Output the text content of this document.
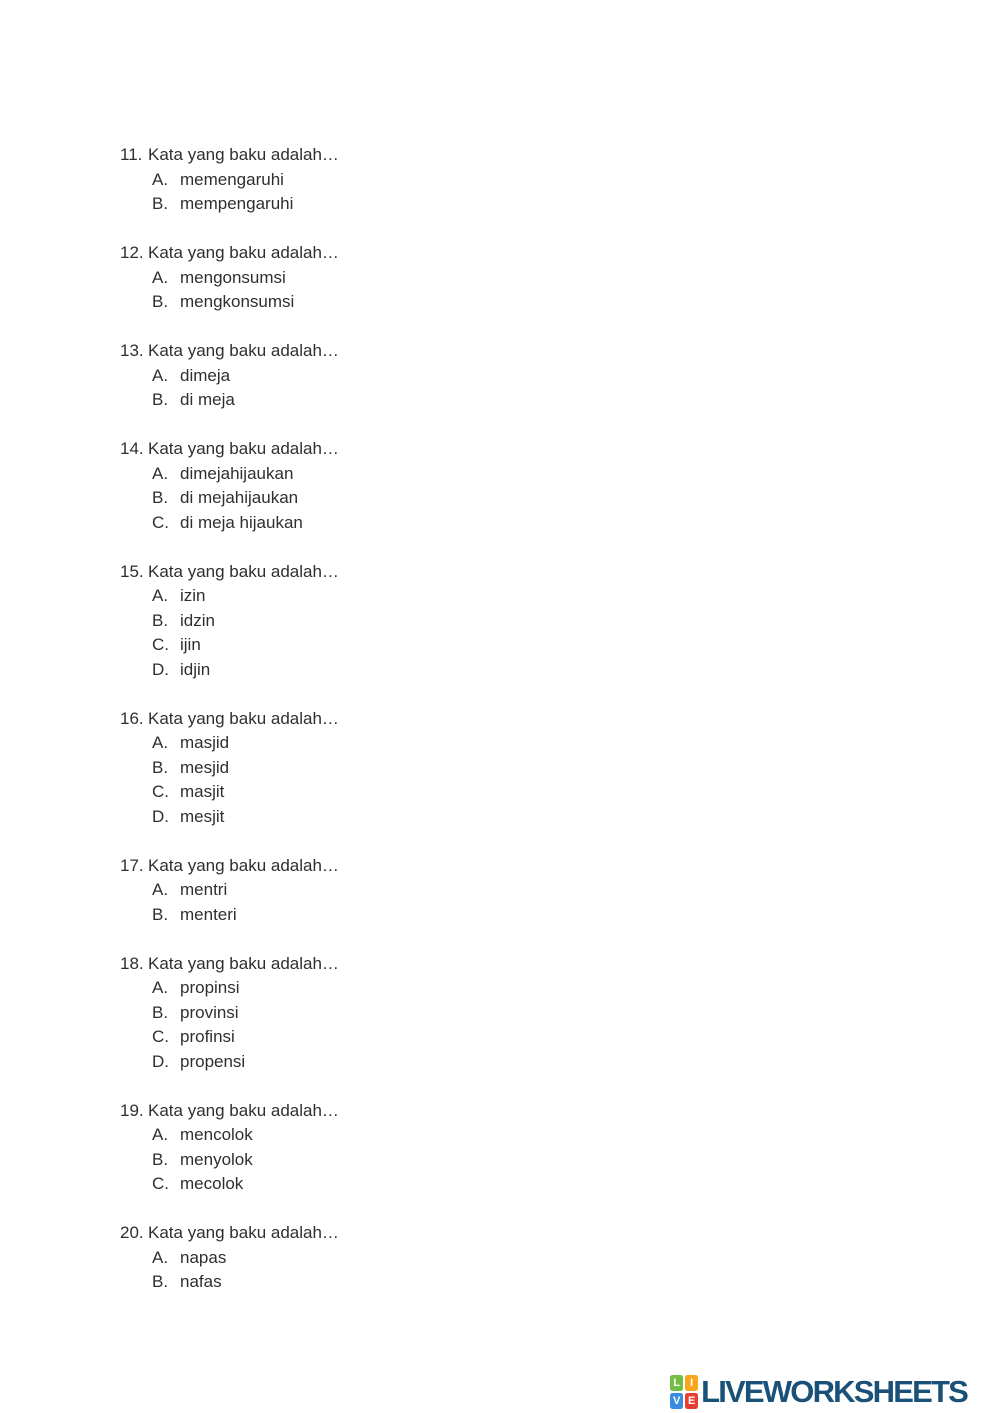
11. Kata yang baku adalah…
A. memengaruhi
B. mempengaruhi
12. Kata yang baku adalah…
A. mengonsumsi
B. mengkonsumsi
13. Kata yang baku adalah…
A. dimeja
B. di meja
14. Kata yang baku adalah…
A. dimejahijaukan
B. di mejahijaukan
C. di meja hijaukan
15. Kata yang baku adalah…
A. izin
B. idzin
C. ijin
D. idjin
16. Kata yang baku adalah…
A. masjid
B. mesjid
C. masjit
D. mesjit
17. Kata yang baku adalah…
A. mentri
B. menteri
18. Kata yang baku adalah…
A. propinsi
B. provinsi
C. profinsi
D. propensi
19. Kata yang baku adalah…
A. mencolok
B. menyolok
C. mecolok
20. Kata yang baku adalah…
A. napas
B. nafas
L I
V E LIVEWORKSHEETS
